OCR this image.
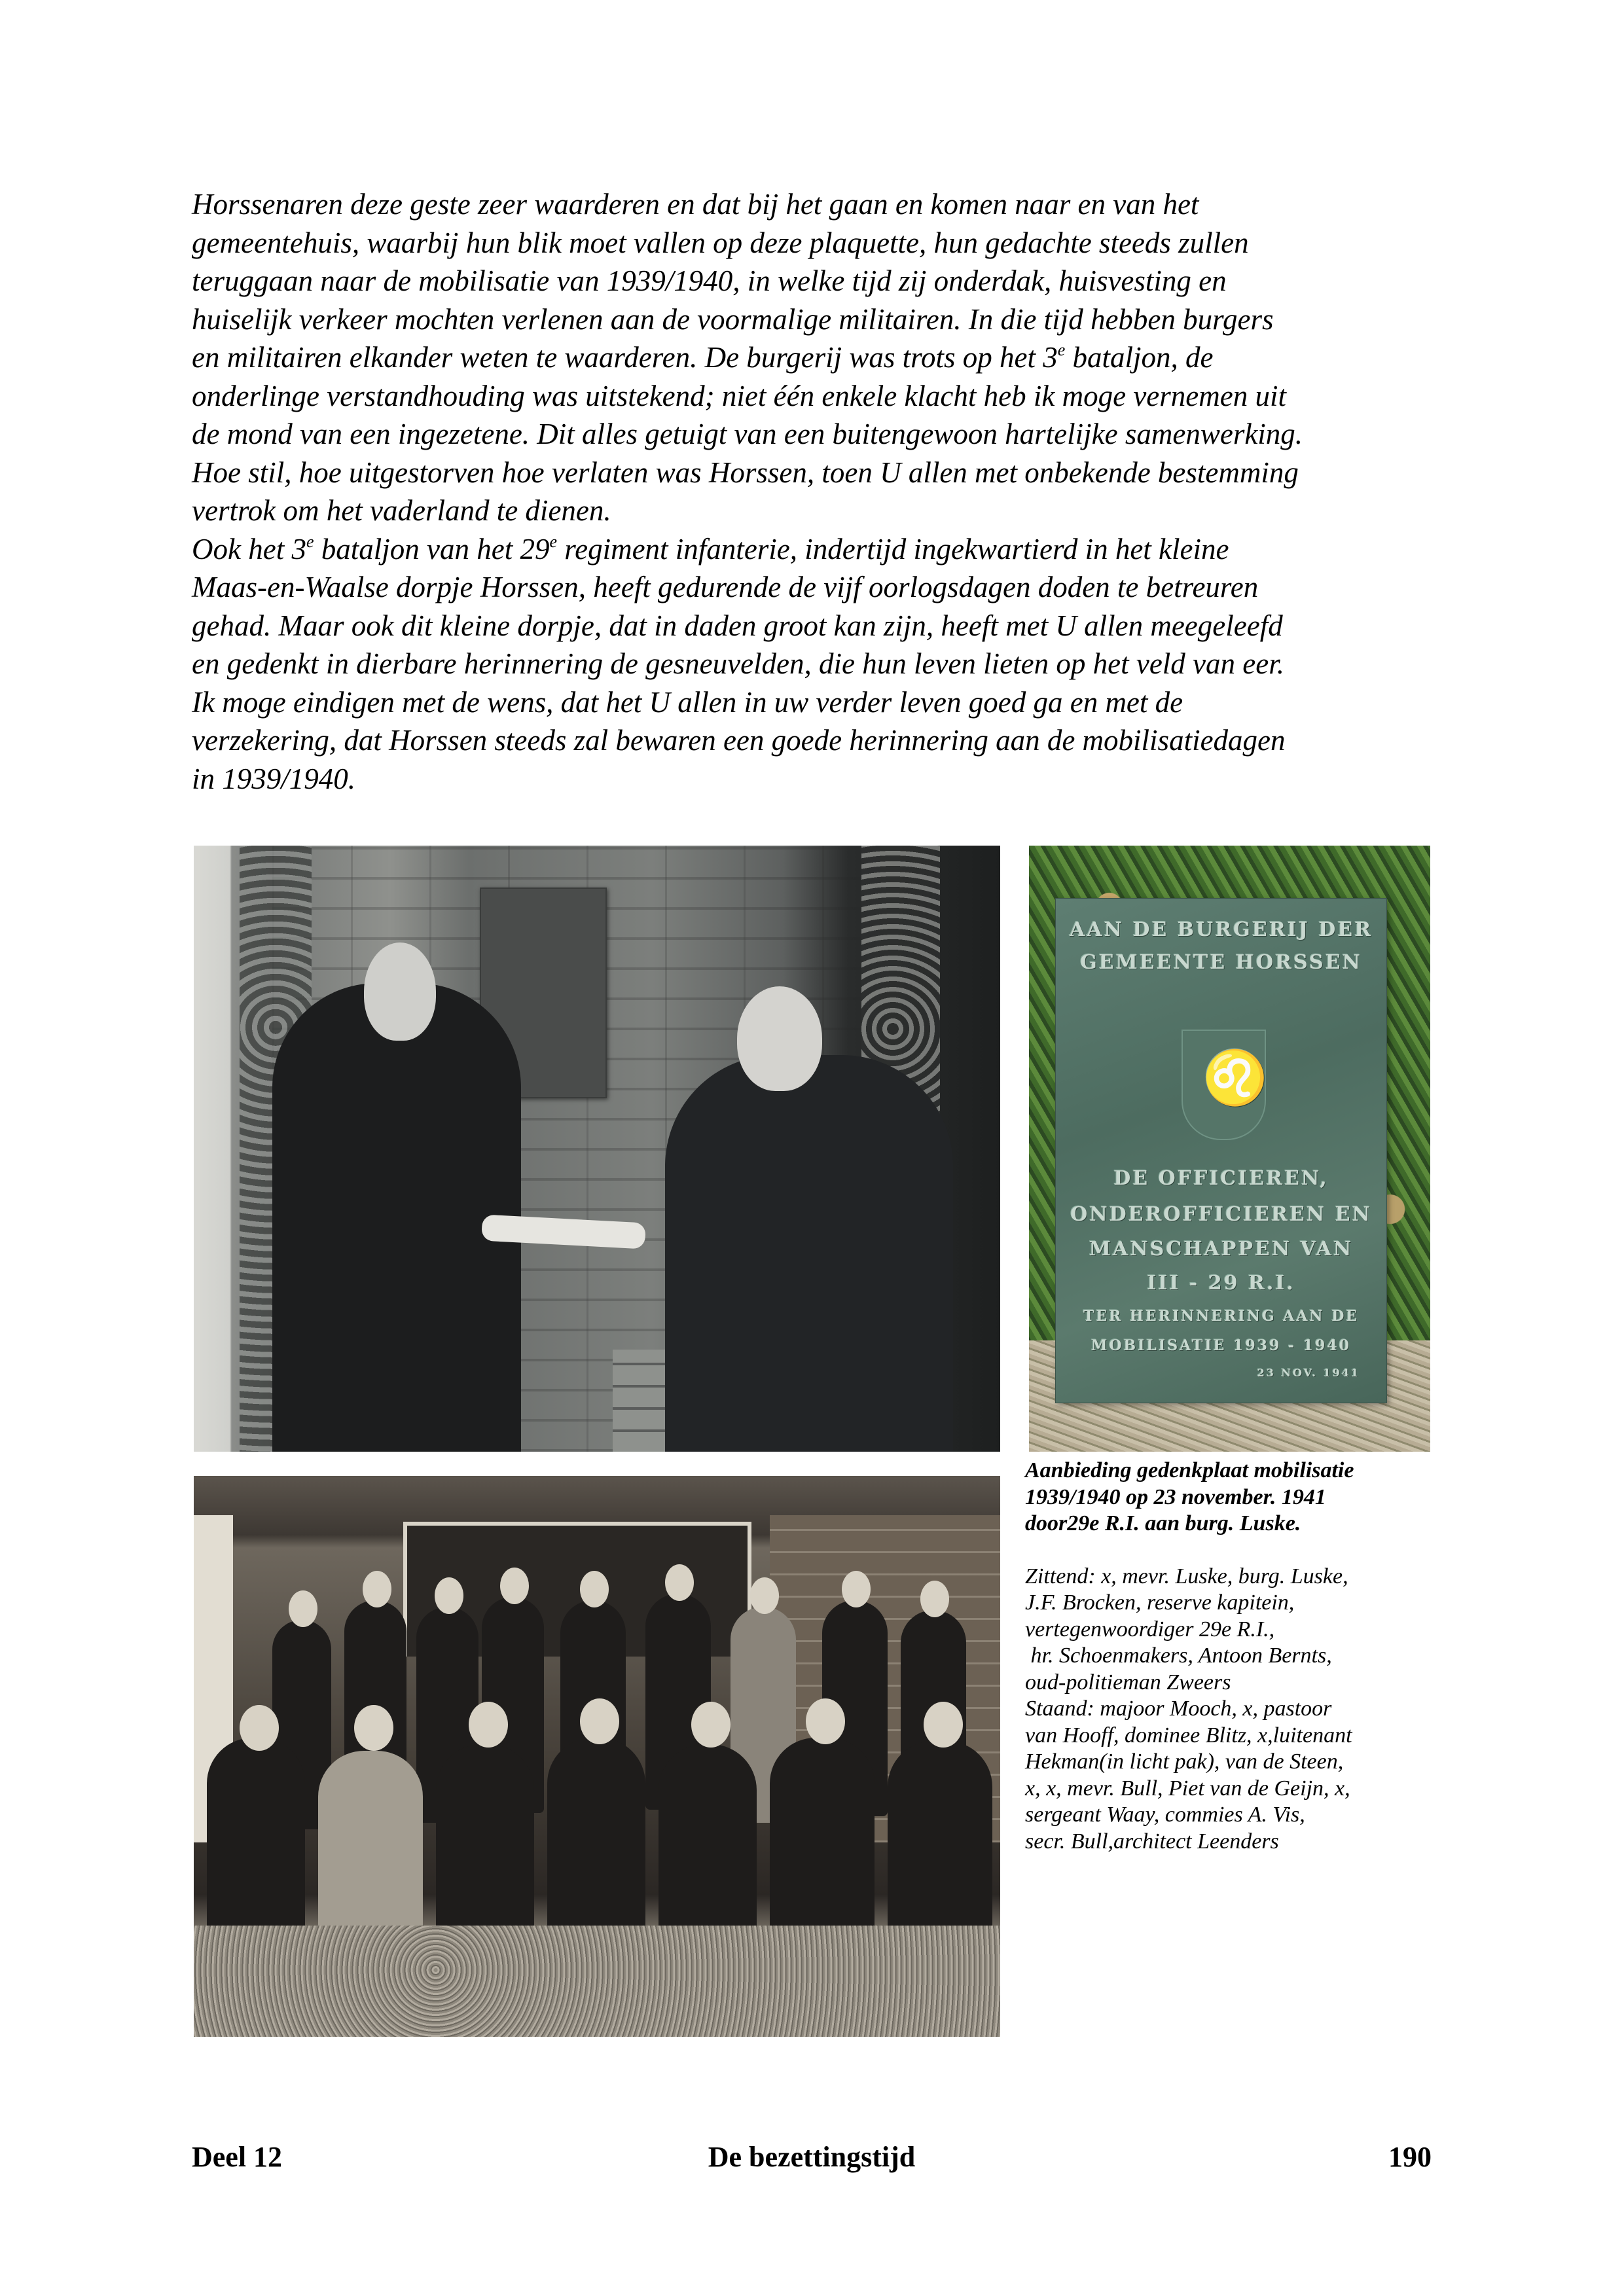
Horssenaren deze geste zeer waarderen en dat bij het gaan en komen naar en van het
gemeentehuis, waarbij hun blik moet vallen op deze plaquette, hun gedachte steeds zullen
teruggaan naar de mobilisatie van 1939/1940, in welke tijd zij onderdak, huisvesting en
huiselijk verkeer mochten verlenen aan de voormalige militairen. In die tijd hebben burgers
en militairen elkander weten te waarderen. De burgerij was trots op het 3e bataljon, de
onderlinge verstandhouding was uitstekend; niet één enkele klacht heb ik moge vernemen uit
de mond van een ingezetene. Dit alles getuigt van een buitengewoon hartelijke samenwerking.
Hoe stil, hoe uitgestorven hoe verlaten was Horssen, toen U allen met onbekende bestemming
vertrok om het vaderland te dienen.
Ook het 3e bataljon van het 29e regiment infanterie, indertijd ingekwartierd in het kleine
Maas-en-Waalse dorpje Horssen, heeft gedurende de vijf oorlogsdagen doden te betreuren
gehad. Maar ook dit kleine dorpje, dat in daden groot kan zijn, heeft met U allen meegeleefd
en gedenkt in dierbare herinnering de gesneuvelden, die hun leven lieten op het veld van eer.
Ik moge eindigen met de wens, dat het U allen in uw verder leven goed ga en met de
verzekering, dat Horssen steeds zal bewaren een goede herinnering aan de mobilisatiedagen
in 1939/1940.
AAN DE BURGERIJ DER
GEMEENTE HORSSEN
♌
DE OFFICIEREN,
ONDEROFFICIEREN EN
MANSCHAPPEN VAN
III - 29 R.I.
TER HERINNERING AAN DE
MOBILISATIE 1939 - 1940
23 NOV. 1941

Aanbieding gedenkplaat mobilisatie
1939/1940 op 23 november. 1941
door29e R.I. aan burg. Luske.

Zittend: x, mevr. Luske, burg. Luske,
J.F. Brocken, reserve kapitein,
vertegenwoordiger 29e R.I.,
hr. Schoenmakers, Antoon Bernts,
oud-politieman Zweers
Staand: majoor Mooch, x, pastoor
van Hooff, dominee Blitz, x,luitenant
Hekman(in licht pak), van de Steen,
x, x, mevr. Bull, Piet van de Geijn, x,
sergeant Waay, commies A. Vis,
secr. Bull,architect Leenders

Deel 12	De bezettingstijd	190
